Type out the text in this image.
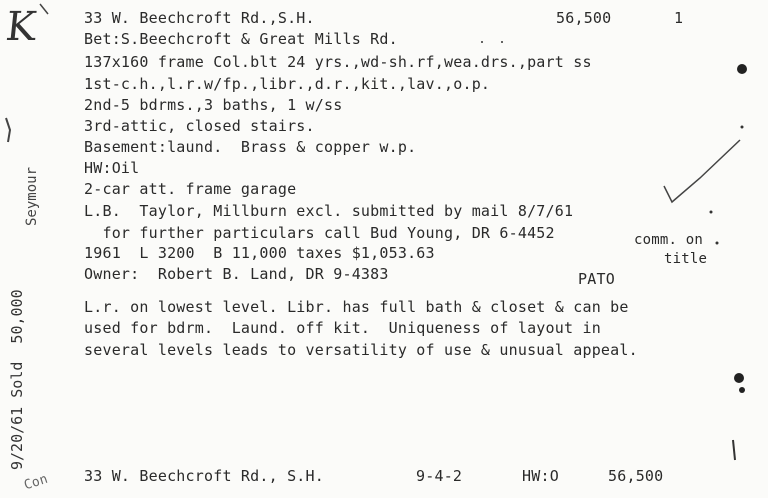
K	33 W. Beechcroft Rd.,S.H.	56,500	1
Bet:S.Beechcroft & Great Mills Rd.
137x160 frame Col.blt 24 yrs.,wd-sh.rf,wea.drs.,part ss
1st-c.h.,l.r.w/fp.,libr.,d.r.,kit.,lav.,o.p.
2nd-5 bdrms.,3 baths, 1 w/ss
3rd-attic, closed stairs.
Basement:laund.  Brass & copper w.p.
HW:Oil
2-car att. frame garage
L.B.  Taylor, Millburn excl. submitted by mail 8/7/61
for further particulars call Bud Young, DR 6-4452
1961  L 3200  B 11,000 taxes $1,053.63
Owner:  Robert B. Land, DR 9-4383
comm. on
title
PATO
L.r. on lowest level. Libr. has full bath & closet & can be
used for bdrm.  Laund. off kit.  Uniqueness of layout in
several levels leads to versatility of use & unusual appeal.
9/20/61 Sold  50,000
Seymour
Con 33 W. Beechcroft Rd., S.H.	9-4-2	HW:O	56,500
